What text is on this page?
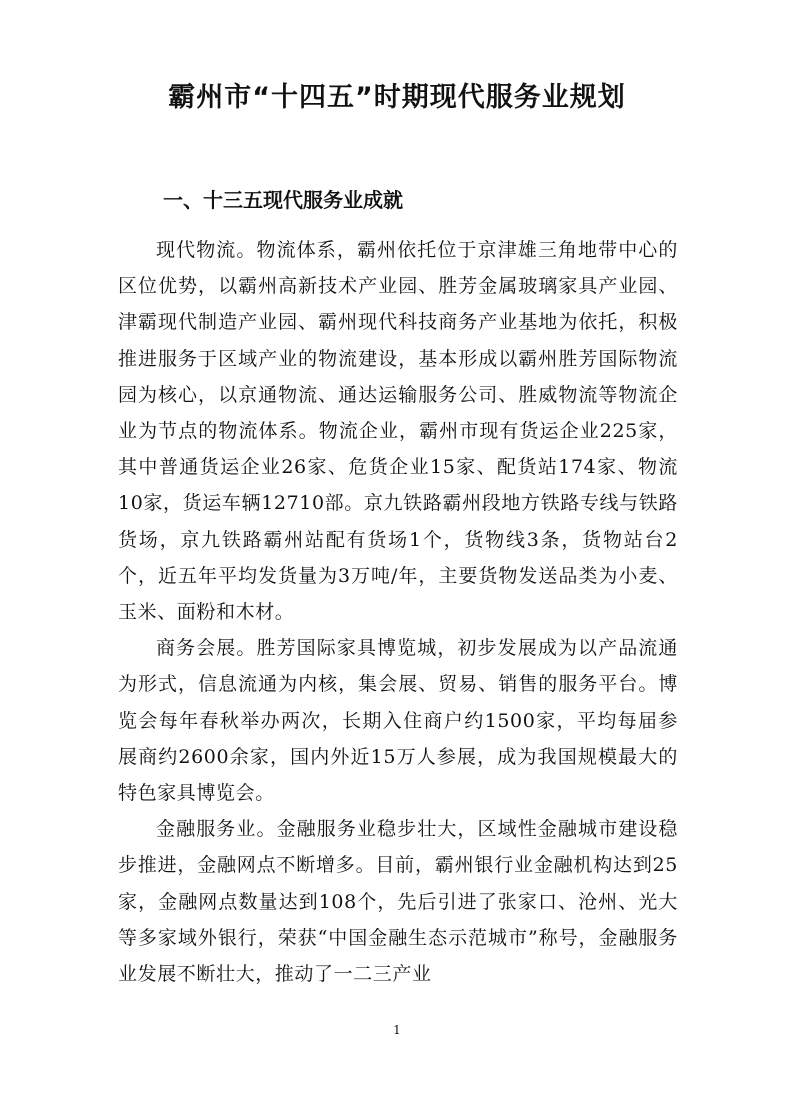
霸州市“十四五”时期现代服务业规划
一、十三五现代服务业成就

现代物流。物流体系，霸州依托位于京津雄三角地带中心的区位优势，以霸州高新技术产业园、胜芳金属玻璃家具产业园、津霸现代制造产业园、霸州现代科技商务产业基地为依托，积极推进服务于区域产业的物流建设，基本形成以霸州胜芳国际物流园为核心，以京通物流、通达运输服务公司、胜威物流等物流企业为节点的物流体系。物流企业，霸州市现有货运企业225家，其中普通货运企业26家、危货企业15家、配货站174家、物流10家，货运车辆12710部。京九铁路霸州段地方铁路专线与铁路货场，京九铁路霸州站配有货场1个，货物线3条，货物站台2个，近五年平均发货量为3万吨/年，主要货物发送品类为小麦、玉米、面粉和木材。

商务会展。胜芳国际家具博览城，初步发展成为以产品流通为形式，信息流通为内核，集会展、贸易、销售的服务平台。博览会每年春秋举办两次，长期入住商户约1500家，平均每届参展商约2600余家，国内外近15万人参展，成为我国规模最大的特色家具博览会。

金融服务业。金融服务业稳步壮大，区域性金融城市建设稳步推进，金融网点不断增多。目前，霸州银行业金融机构达到25家，金融网点数量达到108个，先后引进了张家口、沧州、光大等多家域外银行，荣获“中国金融生态示范城市”称号，金融服务业发展不断壮大，推动了一二三产业

1
